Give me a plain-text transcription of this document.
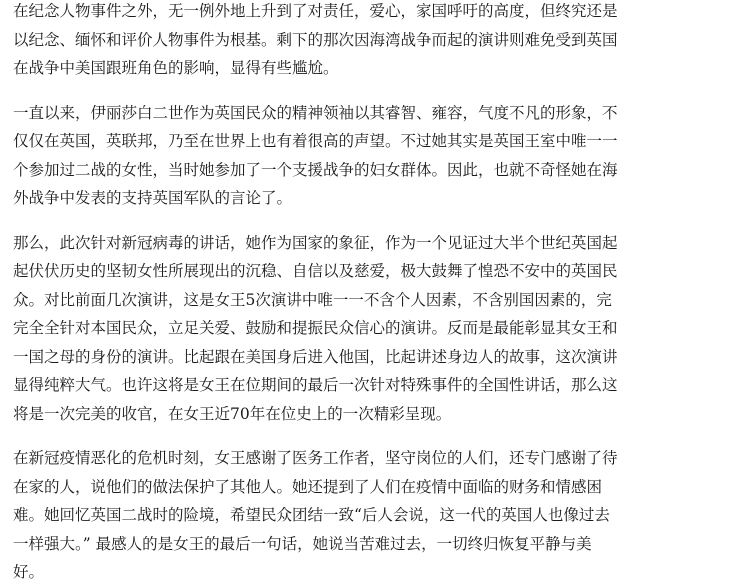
在纪念人物事件之外，无一例外地上升到了对责任，爱心，家国呼吁的高度，但终究还是
以纪念、缅怀和评价人物事件为根基。剩下的那次因海湾战争而起的演讲则难免受到英国
在战争中美国跟班角色的影响，显得有些尴尬。
一直以来，伊丽莎白二世作为英国民众的精神领袖以其睿智、雍容，气度不凡的形象，不
仅仅在英国，英联邦，乃至在世界上也有着很高的声望。不过她其实是英国王室中唯一一
个参加过二战的女性，当时她参加了一个支援战争的妇女群体。因此，也就不奇怪她在海
外战争中发表的支持英国军队的言论了。
那么，此次针对新冠病毒的讲话，她作为国家的象征，作为一个见证过大半个世纪英国起
起伏伏历史的坚韧女性所展现出的沉稳、自信以及慈爱，极大鼓舞了惶恐不安中的英国民
众。对比前面几次演讲，这是女王5次演讲中唯一一不含个人因素，不含别国因素的，完
完全全针对本国民众，立足关爱、鼓励和提振民众信心的演讲。反而是最能彰显其女王和
一国之母的身份的演讲。比起跟在美国身后进入他国，比起讲述身边人的故事，这次演讲
显得纯粹大气。也许这将是女王在位期间的最后一次针对特殊事件的全国性讲话，那么这
将是一次完美的收官，在女王近70年在位史上的一次精彩呈现。
在新冠疫情恶化的危机时刻，女王感谢了医务工作者，坚守岗位的人们，还专门感谢了待
在家的人，说他们的做法保护了其他人。她还提到了人们在疫情中面临的财务和情感困
难。她回忆英国二战时的险境，希望民众团结一致“后人会说，这一代的英国人也像过去
一样强大。” 最感人的是女王的最后一句话，她说当苦难过去，一切终归恢复平静与美
好。
